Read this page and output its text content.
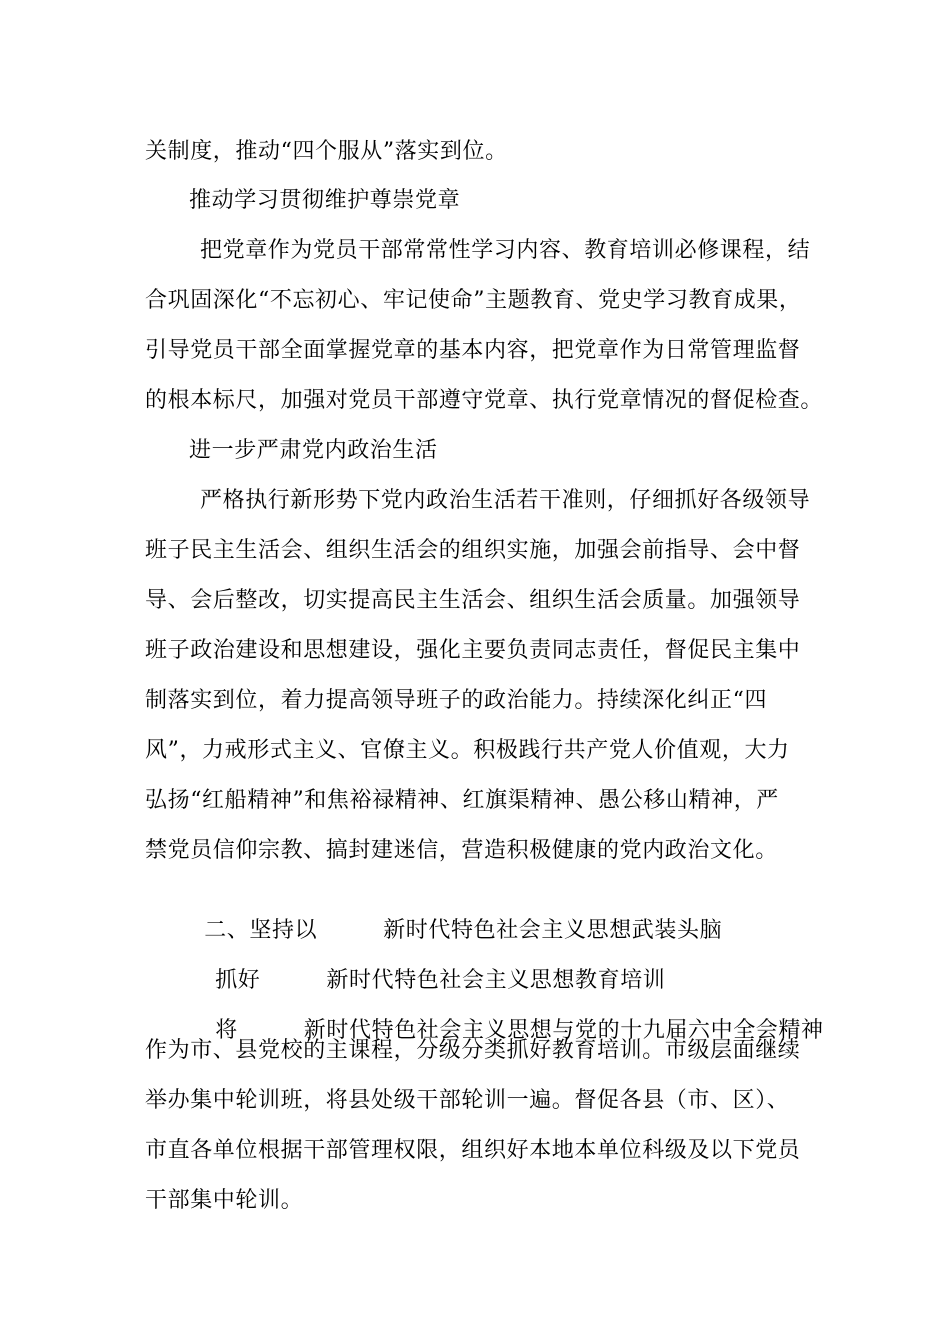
关制度，推动“四个服从”落实到位。
推动学习贯彻维护尊崇党章
把党章作为党员干部常常性学习内容、教育培训必修课程，结
合巩固深化“不忘初心、牢记使命”主题教育、党史学习教育成果，
引导党员干部全面掌握党章的基本内容，把党章作为日常管理监督
的根本标尺，加强对党员干部遵守党章、执行党章情况的督促检查。
进一步严肃党内政治生活
严格执行新形势下党内政治生活若干准则，仔细抓好各级领导
班子民主生活会、组织生活会的组织实施，加强会前指导、会中督
导、会后整改，切实提高民主生活会、组织生活会质量。加强领导
班子政治建设和思想建设，强化主要负责同志责任，督促民主集中
制落实到位，着力提高领导班子的政治能力。持续深化纠正“四
风”，力戒形式主义、官僚主义。积极践行共产党人价值观，大力
弘扬“红船精神”和焦裕禄精神、红旗渠精神、愚公移山精神，严
禁党员信仰宗教、搞封建迷信，营造积极健康的党内政治文化。

二、坚持以	新时代特色社会主义思想武装头脑

抓好	新时代特色社会主义思想教育培训

将	新时代特色社会主义思想与党的十九届六中全会精神

作为市、县党校的主课程，分级分类抓好教育培训。市级层面继续
举办集中轮训班，将县处级干部轮训一遍。督促各县（市、区）、
市直各单位根据干部管理权限，组织好本地本单位科级及以下党员
干部集中轮训。
